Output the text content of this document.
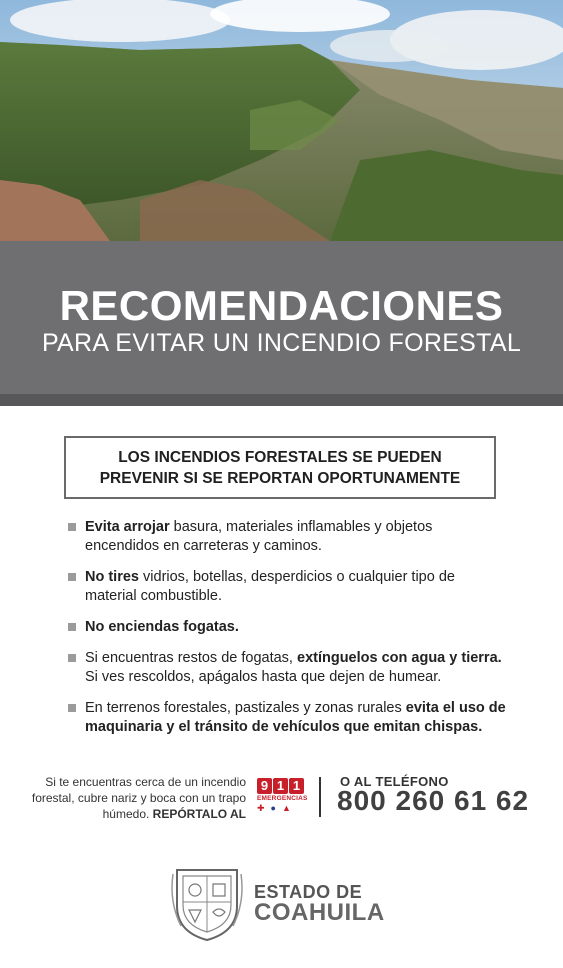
RECOMENDACIONES
PARA EVITAR UN INCENDIO FORESTAL
LOS INCENDIOS FORESTALES SE PUEDEN
PREVENIR SI SE REPORTAN OPORTUNAMENTE
Evita arrojar basura, materiales inflamables y objetos encendidos en carreteras y caminos.
No tires vidrios, botellas, desperdicios o cualquier tipo de material combustible.
No enciendas fogatas.
Si encuentras restos de fogatas, extínguelos con agua y tierra. Si ves rescoldos, apágalos hasta que dejen de humear.
En terrenos forestales, pastizales y zonas rurales evita el uso de maquinaria y el tránsito de vehículos que emitan chispas.
Si te encuentras cerca de un incendio forestal, cubre nariz y boca con un trapo húmedo. REPÓRTALO AL
9 1 1
EMERGENCIAS
✚ ● ▲
O AL TELÉFONO
800 260 61 62
ESTADO DE
COAHUILA
